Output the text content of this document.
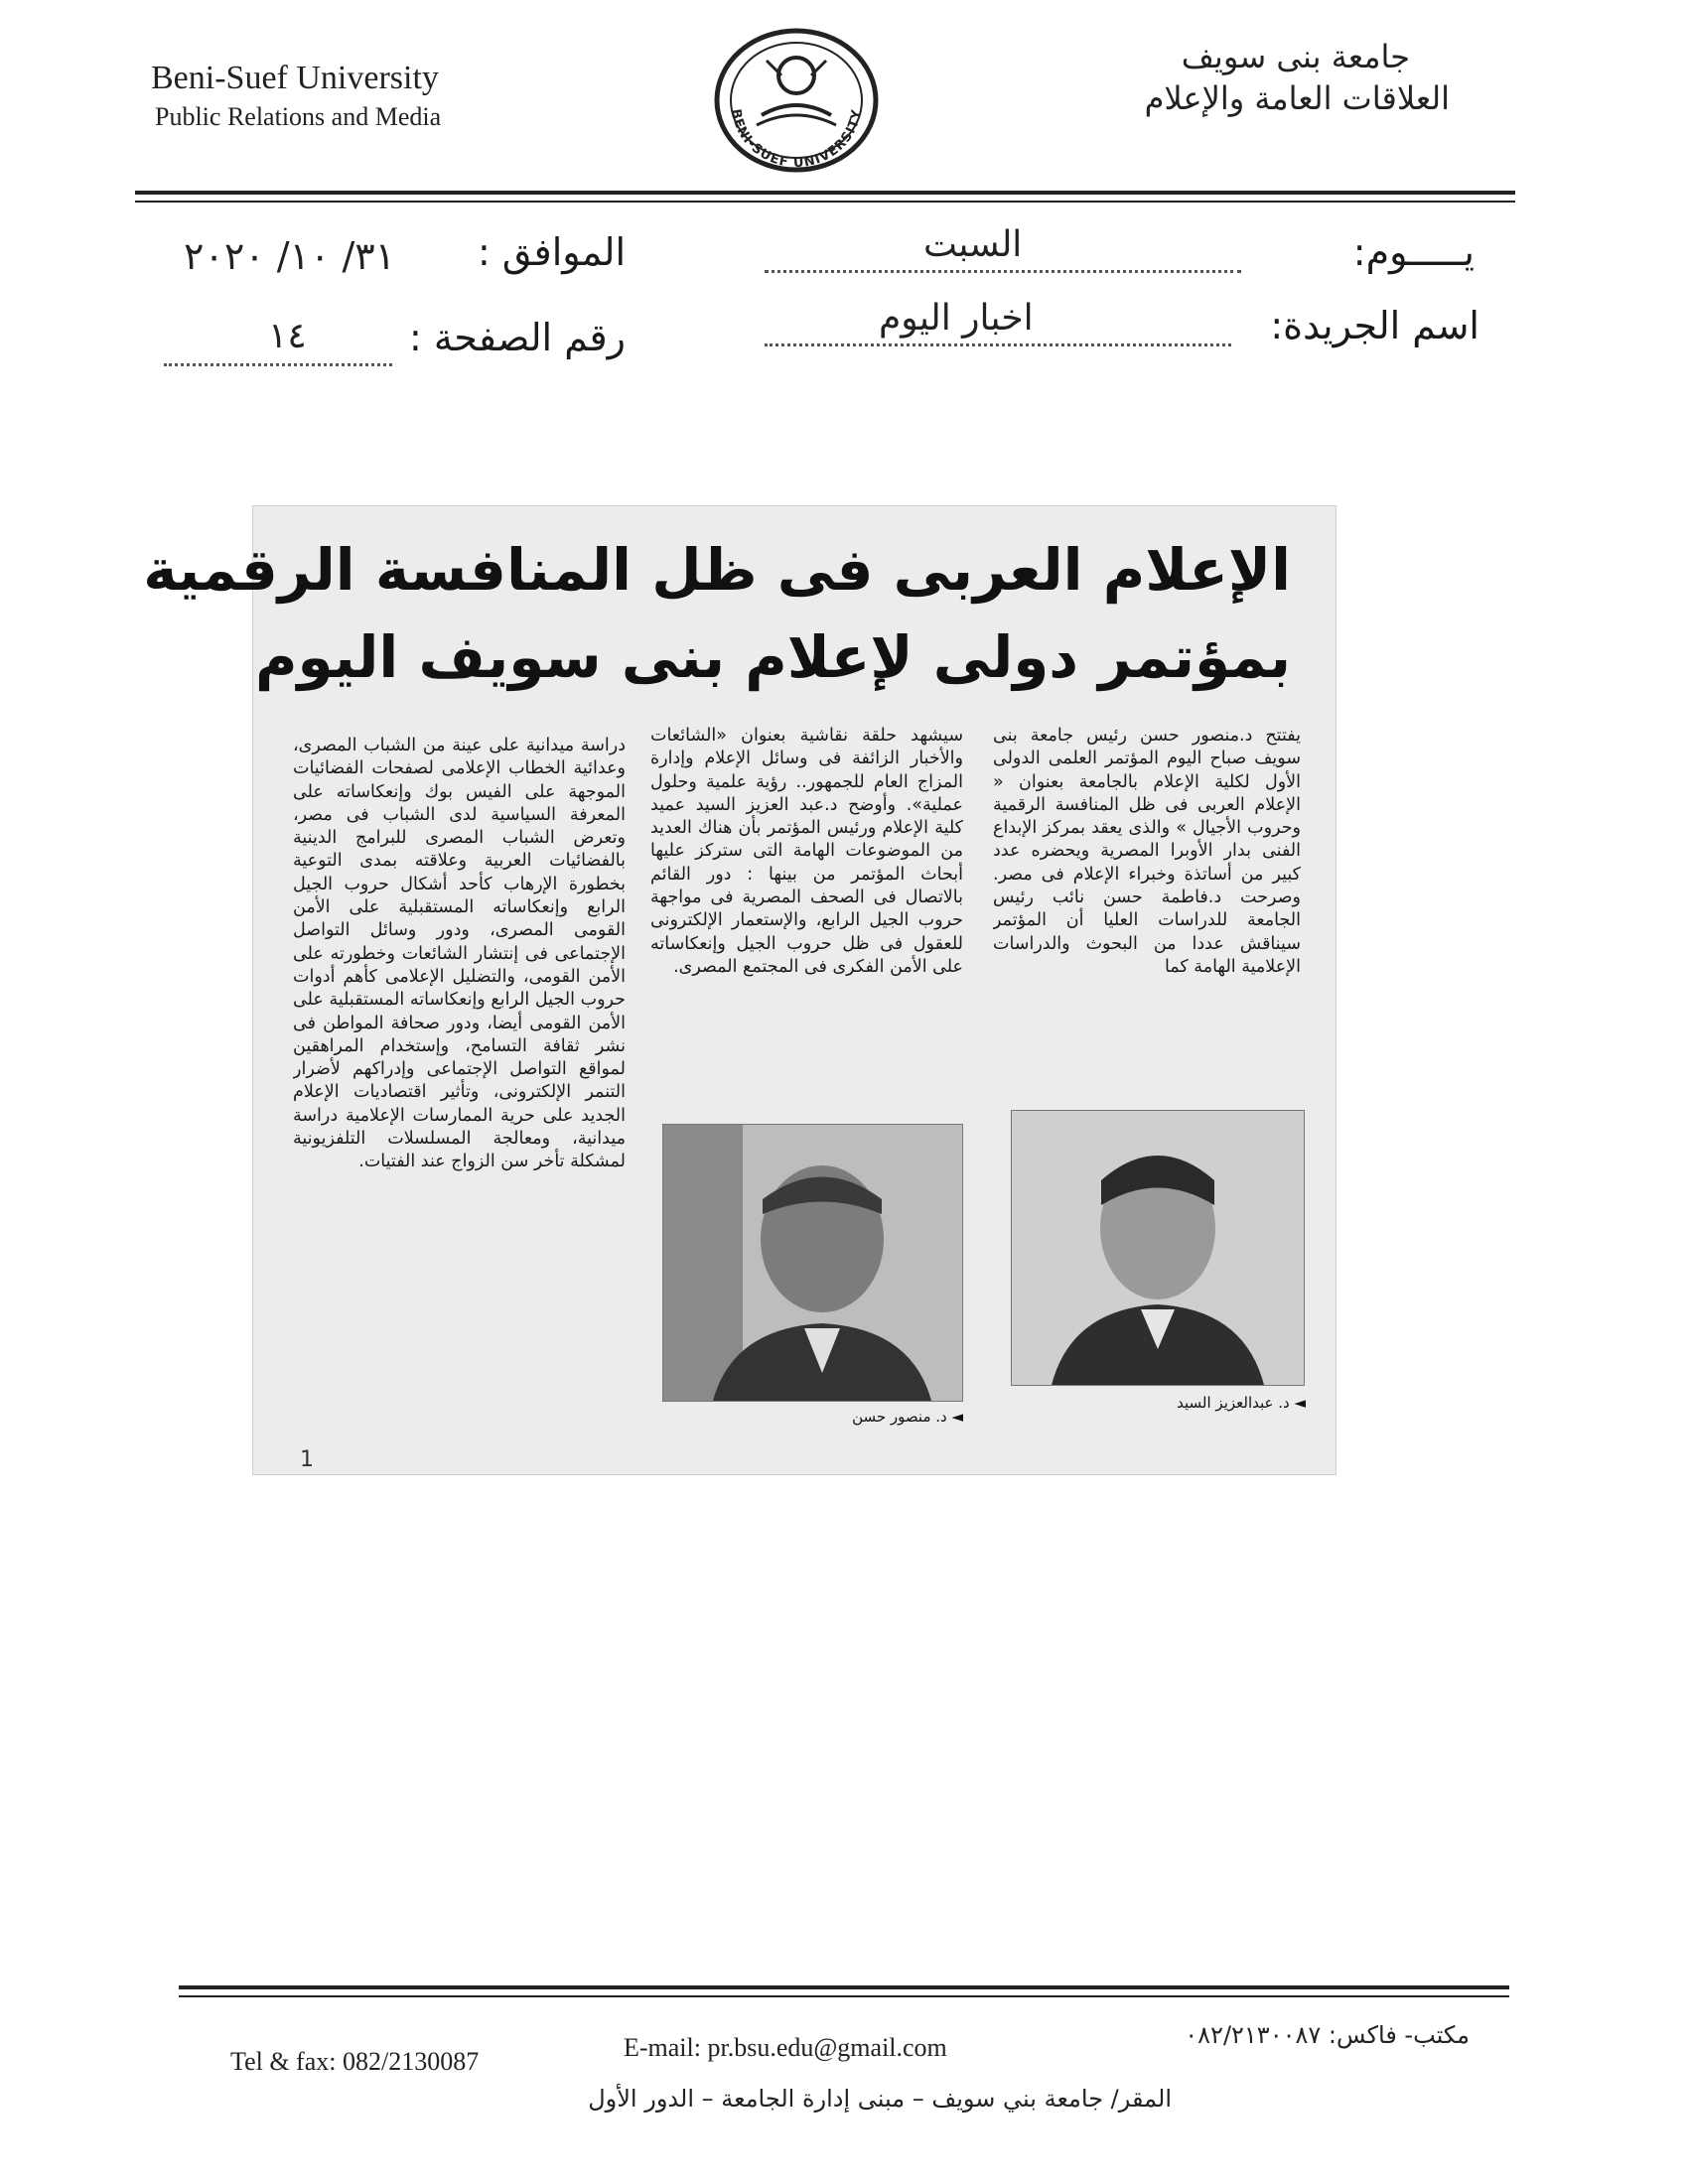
Beni-Suef University
Public Relations and Media	BENI-SUEF UNIVERSITY
جامعة بنى سويف
العلاقات العامة والإعلام
يـــــوم:
السبت
الموافق :
٣١/ ١٠/ ٢٠٢٠
اسم الجريدة:
اخبار اليوم
رقم الصفحة :
١٤
الإعلام العربى فى ظل المنافسة الرقمية
بمؤتمر دولى لإعلام بنى سويف اليوم
يفتتح د.منصور حسن رئيس جامعة بنى سويف صباح اليوم المؤتمر العلمى الدولى الأول لكلية الإعلام بالجامعة بعنوان « الإعلام العربى فى ظل المنافسة الرقمية وحروب الأجيال » والذى يعقد بمركز الإبداع الفنى بدار الأوبرا المصرية ويحضره عدد كبير من أساتذة وخبراء الإعلام فى مصر. وصرحت د.فاطمة حسن نائب رئيس الجامعة للدراسات العليا أن المؤتمر سيناقش عددا من البحوث والدراسات الإعلامية الهامة كما
سيشهد حلقة نقاشية بعنوان «الشائعات والأخبار الزائفة فى وسائل الإعلام وإدارة المزاج العام للجمهور.. رؤية علمية وحلول عملية». وأوضح د.عبد العزيز السيد عميد كلية الإعلام ورئيس المؤتمر بأن هناك العديد من الموضوعات الهامة التى ستركز عليها أبحاث المؤتمر من بينها : دور القائم بالاتصال فى الصحف المصرية فى مواجهة حروب الجيل الرابع، والإستعمار الإلكترونى للعقول فى ظل حروب الجيل وإنعكاساته على الأمن الفكرى فى المجتمع المصرى.
دراسة ميدانية على عينة من الشباب المصرى، وعدائية الخطاب الإعلامى لصفحات الفضائيات الموجهة على الفيس بوك وإنعكاساته على المعرفة السياسية لدى الشباب فى مصر، وتعرض الشباب المصرى للبرامج الدينية بالفضائيات العربية وعلاقته بمدى التوعية بخطورة الإرهاب كأحد أشكال حروب الجيل الرابع وإنعكاساته المستقبلية على الأمن القومى المصرى، ودور وسائل التواصل الإجتماعى فى إنتشار الشائعات وخطورته على الأمن القومى، والتضليل الإعلامى كأهم أدوات حروب الجيل الرابع وإنعكاساته المستقبلية على الأمن القومى أيضا، ودور صحافة المواطن فى نشر ثقافة التسامح، وإستخدام المراهقين لمواقع التواصل الإجتماعى وإدراكهم لأضرار التنمر الإلكترونى، وتأثير اقتصاديات الإعلام الجديد على حرية الممارسات الإعلامية دراسة ميدانية، ومعالجة المسلسلات التلفزيونية لمشكلة تأخر سن الزواج عند الفتيات.
◄ د. عبدالعزيز السيد
◄ د. منصور حسن
1
Tel & fax: 082/2130087	E-mail: pr.bsu.edu@gmail.com	مكتب- فاكس: ٠٨٢/٢١٣٠٠٨٧
المقر/ جامعة بني سويف – مبنى إدارة الجامعة – الدور الأول
